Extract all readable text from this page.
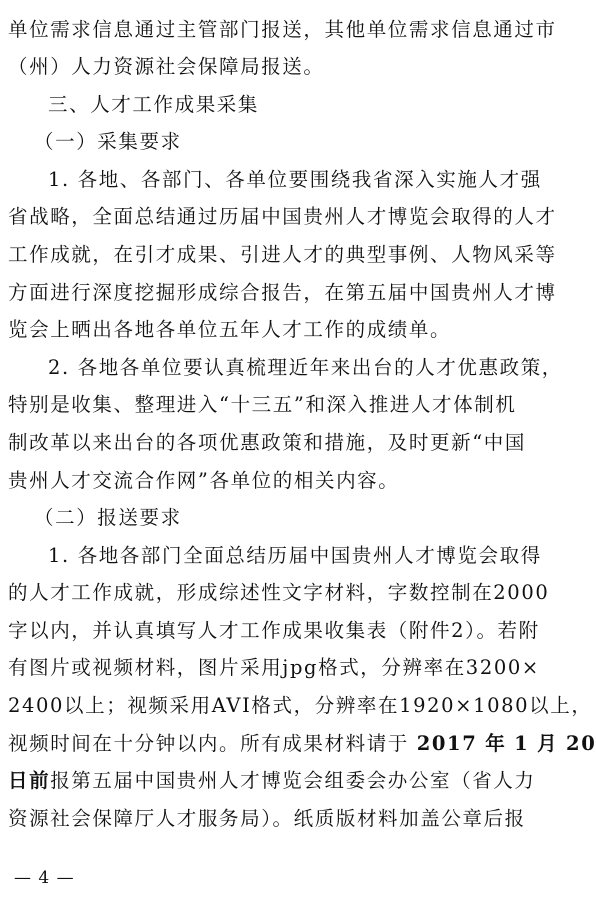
单位需求信息通过主管部门报送，其他单位需求信息通过市
（州）人力资源社会保障局报送。
三、人才工作成果采集
（一）采集要求
1. 各地、各部门、各单位要围绕我省深入实施人才强
省战略，全面总结通过历届中国贵州人才博览会取得的人才
工作成就，在引才成果、引进人才的典型事例、人物风采等
方面进行深度挖掘形成综合报告，在第五届中国贵州人才博
览会上晒出各地各单位五年人才工作的成绩单。
2. 各地各单位要认真梳理近年来出台的人才优惠政策，
特别是收集、整理进入“十三五”和深入推进人才体制机
制改革以来出台的各项优惠政策和措施，及时更新“中国
贵州人才交流合作网”各单位的相关内容。
（二）报送要求
1. 各地各部门全面总结历届中国贵州人才博览会取得
的人才工作成就，形成综述性文字材料，字数控制在2000
字以内，并认真填写人才工作成果收集表（附件2）。若附
有图片或视频材料，图片采用jpg格式，分辨率在3200×
2400以上；视频采用AVI格式，分辨率在1920×1080以上，
视频时间在十分钟以内。所有成果材料请于 2017 年 1 月 20
日前报第五届中国贵州人才博览会组委会办公室（省人力
资源社会保障厅人才服务局）。纸质版材料加盖公章后报
— 4 —
